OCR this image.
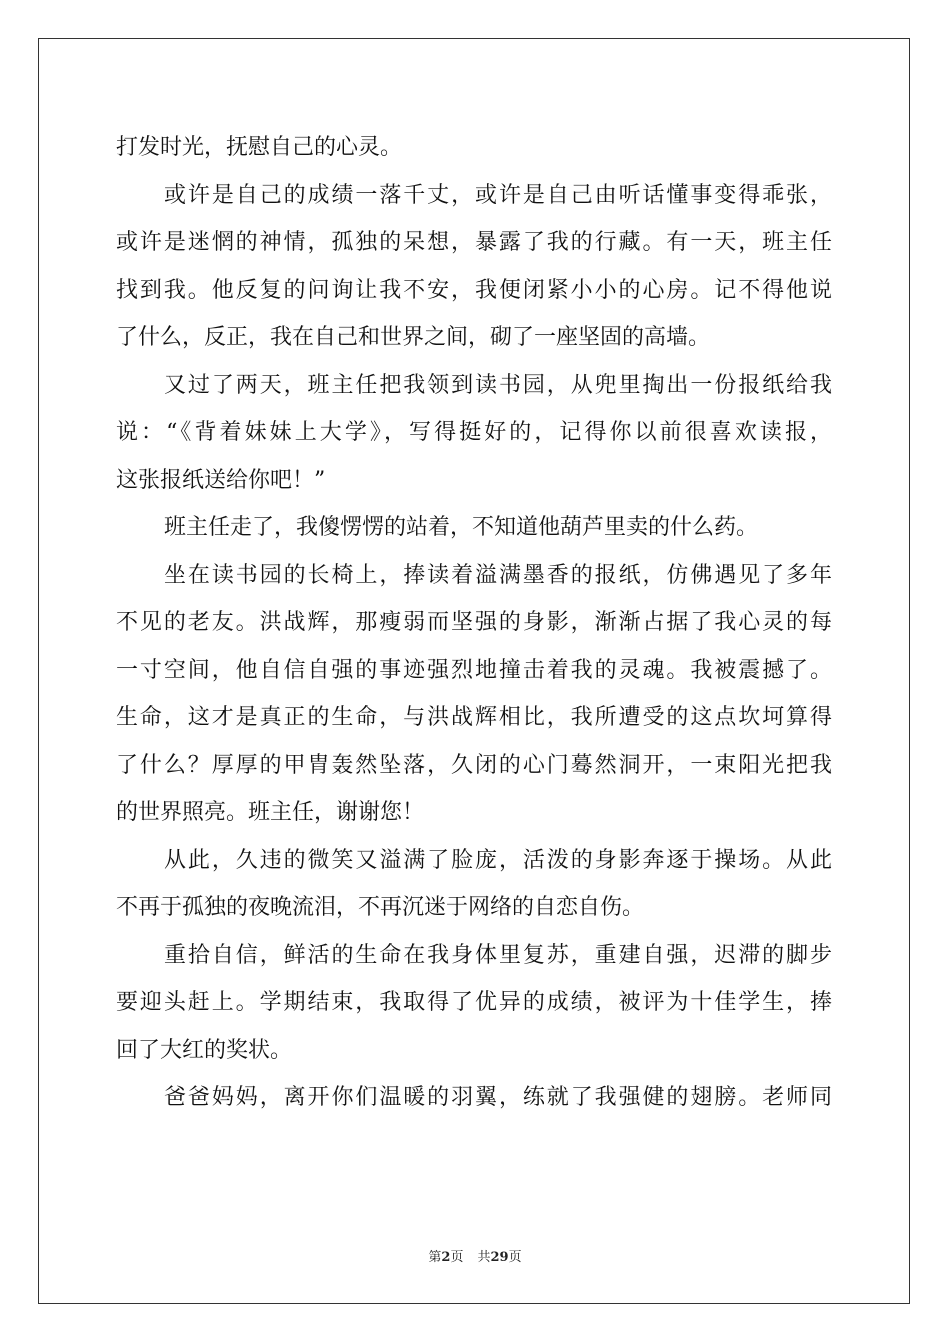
打发时光，抚慰自己的心灵。
或许是自己的成绩一落千丈，或许是自己由听话懂事变得乖张，
或许是迷惘的神情，孤独的呆想，暴露了我的行藏。有一天，班主任
找到我。他反复的问询让我不安，我便闭紧小小的心房。记不得他说
了什么，反正，我在自己和世界之间，砌了一座坚固的高墙。
又过了两天，班主任把我领到读书园，从兜里掏出一份报纸给我
说：“《背着妹妹上大学》，写得挺好的，记得你以前很喜欢读报，
这张报纸送给你吧！”
班主任走了，我傻愣愣的站着，不知道他葫芦里卖的什么药。
坐在读书园的长椅上，捧读着溢满墨香的报纸，仿佛遇见了多年
不见的老友。洪战辉，那瘦弱而坚强的身影，渐渐占据了我心灵的每
一寸空间，他自信自强的事迹强烈地撞击着我的灵魂。我被震撼了。
生命，这才是真正的生命，与洪战辉相比，我所遭受的这点坎坷算得
了什么？厚厚的甲胄轰然坠落，久闭的心门蓦然洞开，一束阳光把我
的世界照亮。班主任，谢谢您！
从此，久违的微笑又溢满了脸庞，活泼的身影奔逐于操场。从此
不再于孤独的夜晚流泪，不再沉迷于网络的自恋自伤。
重拾自信，鲜活的生命在我身体里复苏，重建自强，迟滞的脚步
要迎头赶上。学期结束，我取得了优异的成绩，被评为十佳学生，捧
回了大红的奖状。
爸爸妈妈，离开你们温暖的羽翼，练就了我强健的翅膀。老师同
第2页 共29页
